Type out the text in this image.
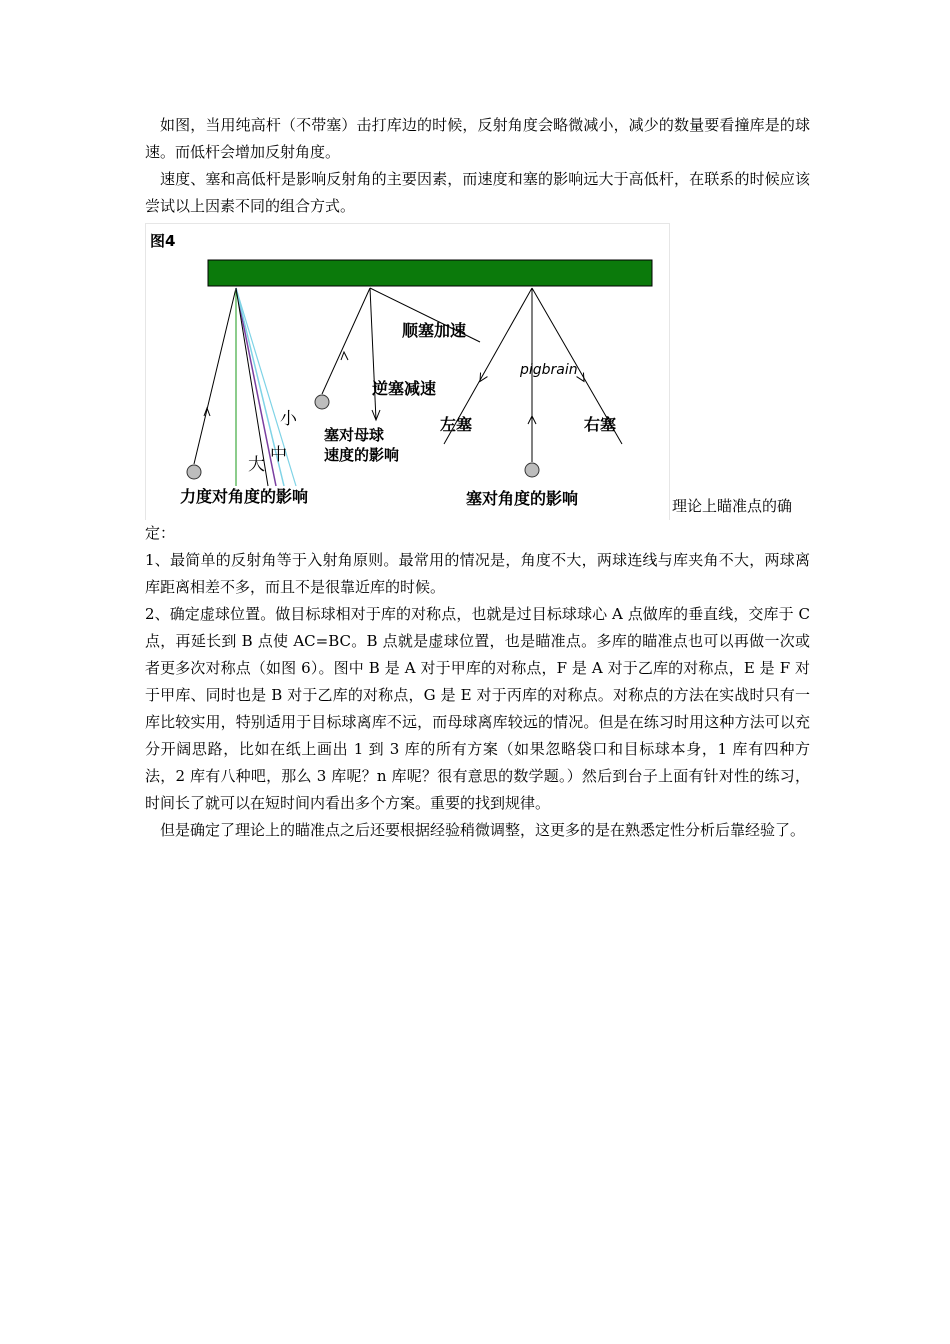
如图，当用纯高杆（不带塞）击打库边的时候，反射角度会略微减小，减少的数量要看撞库是的球速。而低杆会增加反射角度。

速度、塞和高低杆是影响反射角的主要因素，而速度和塞的影响远大于高低杆，在联系的时候应该尝试以上因素不同的组合方式。

图4
小
中
大
力度对角度的影响
顺塞加速
逆塞减速
塞对母球
速度的影响
pigbrain
左塞	右塞
塞对角度的影响	理论上瞄准点的确

定：

1、最简单的反射角等于入射角原则。最常用的情况是，角度不大，两球连线与库夹角不大，两球离库距离相差不多，而且不是很靠近库的时候。

2、确定虚球位置。做目标球相对于库的对称点，也就是过目标球球心 A 点做库的垂直线，交库于 C 点，再延长到 B 点使 AC=BC。B 点就是虚球位置，也是瞄准点。多库的瞄准点也可以再做一次或者更多次对称点（如图 6）。图中 B 是 A 对于甲库的对称点，F 是 A 对于乙库的对称点，E 是 F 对于甲库、同时也是 B 对于乙库的对称点，G 是 E 对于丙库的对称点。对称点的方法在实战时只有一库比较实用，特别适用于目标球离库不远，而母球离库较远的情况。但是在练习时用这种方法可以充分开阔思路，比如在纸上画出 1 到 3 库的所有方案（如果忽略袋口和目标球本身，1 库有四种方法，2 库有八种吧，那么 3 库呢？n 库呢？很有意思的数学题。）然后到台子上面有针对性的练习，时间长了就可以在短时间内看出多个方案。重要的找到规律。

但是确定了理论上的瞄准点之后还要根据经验稍微调整，这更多的是在熟悉定性分析后靠经验了。
